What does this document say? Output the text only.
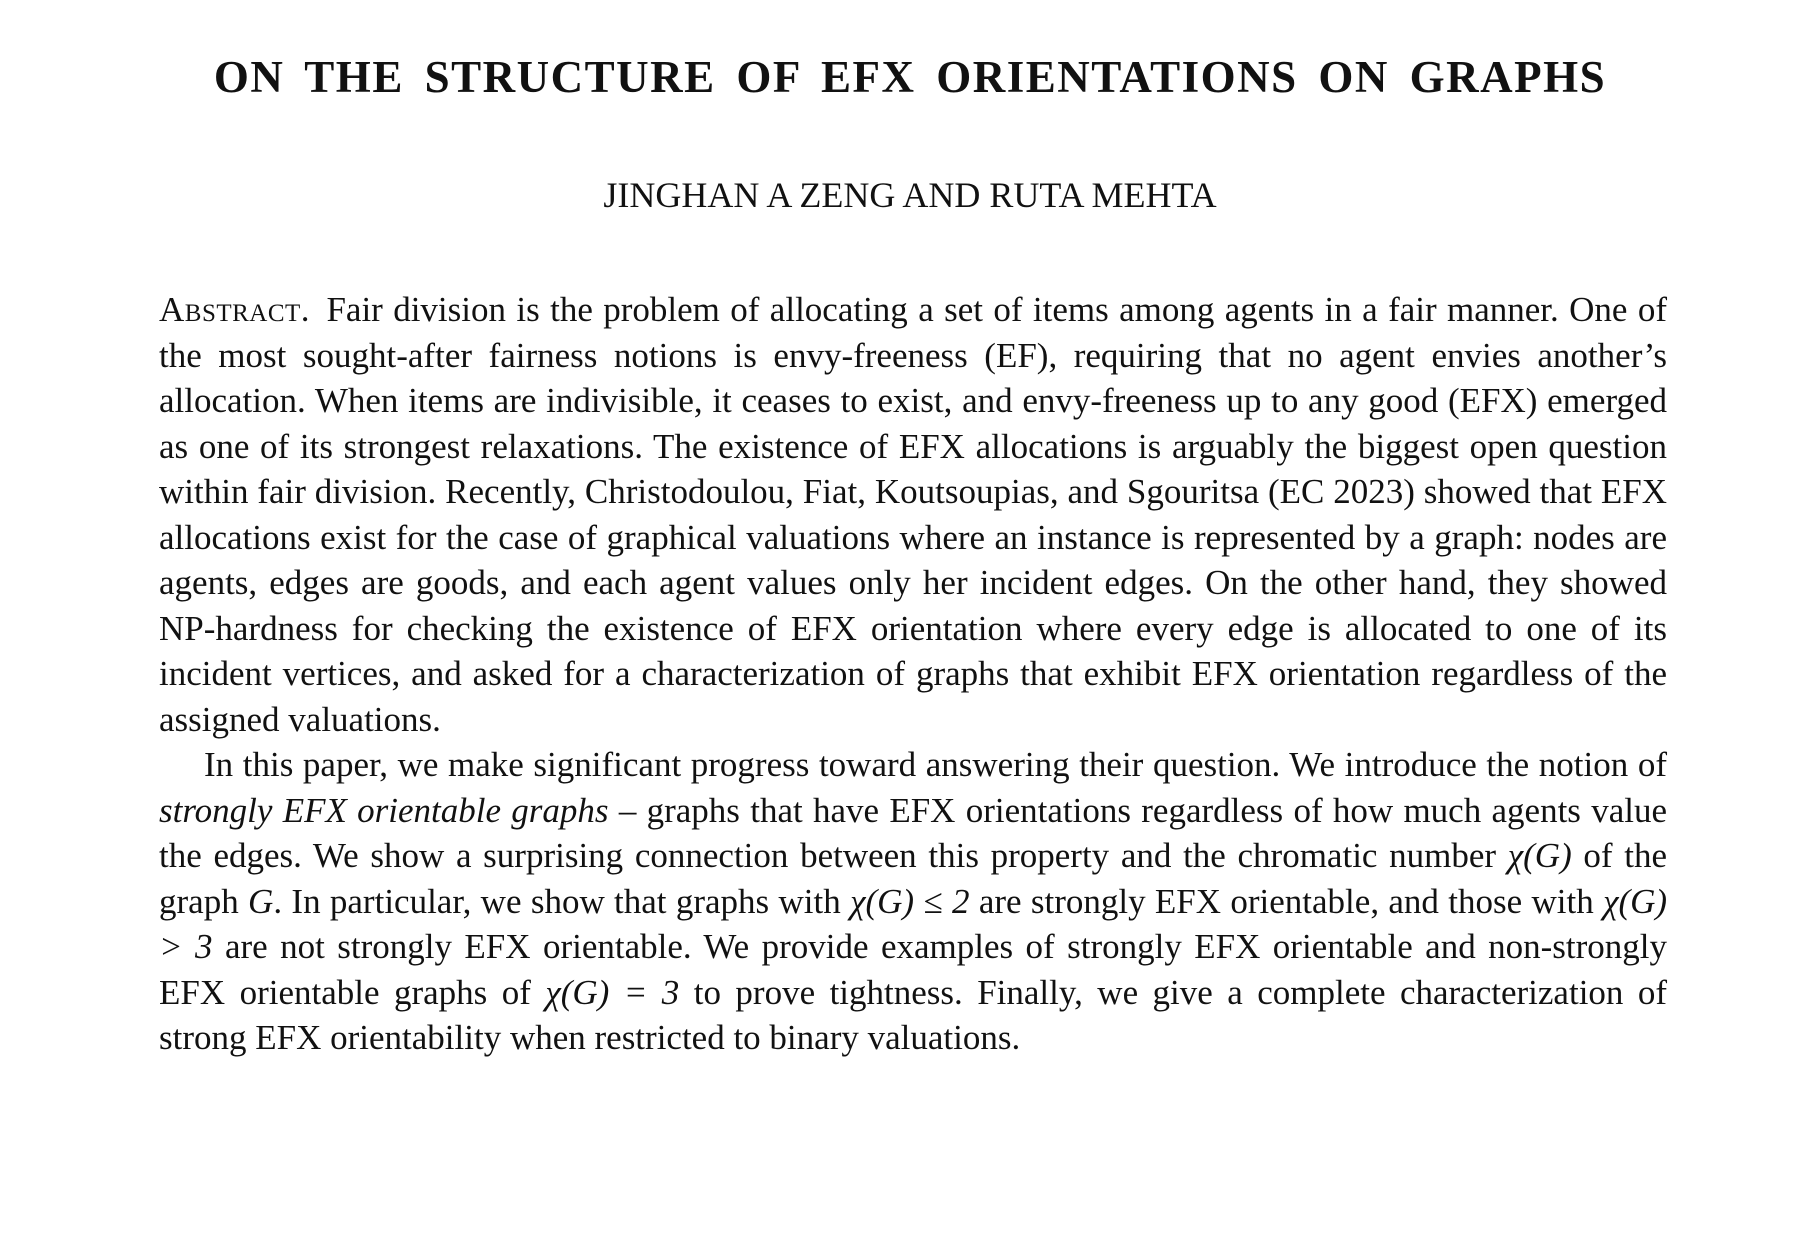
ON THE STRUCTURE OF EFX ORIENTATIONS ON GRAPHS
JINGHAN A ZENG AND RUTA MEHTA

Abstract. Fair division is the problem of allocating a set of items among agents in a fair manner. One of the most sought-after fairness notions is envy-freeness (EF), requiring that no agent envies another’s allocation. When items are indivisible, it ceases to exist, and envy-freeness up to any good (EFX) emerged as one of its strongest relaxations. The existence of EFX allocations is arguably the biggest open question within fair division. Recently, Christodoulou, Fiat, Koutsoupias, and Sgouritsa (EC 2023) showed that EFX allocations exist for the case of graphical valuations where an instance is represented by a graph: nodes are agents, edges are goods, and each agent values only her incident edges. On the other hand, they showed NP-hardness for checking the existence of EFX orientation where every edge is allocated to one of its incident vertices, and asked for a characterization of graphs that exhibit EFX orientation regardless of the assigned valuations.

In this paper, we make significant progress toward answering their question. We introduce the notion of strongly EFX orientable graphs – graphs that have EFX orientations regardless of how much agents value the edges. We show a surprising connection between this property and the chromatic number χ(G) of the graph G. In particular, we show that graphs with χ(G) ≤ 2 are strongly EFX orientable, and those with χ(G) > 3 are not strongly EFX orientable. We provide examples of strongly EFX orientable and non-strongly EFX orientable graphs of χ(G) = 3 to prove tightness. Finally, we give a complete characterization of strong EFX orientability when restricted to binary valuations.
